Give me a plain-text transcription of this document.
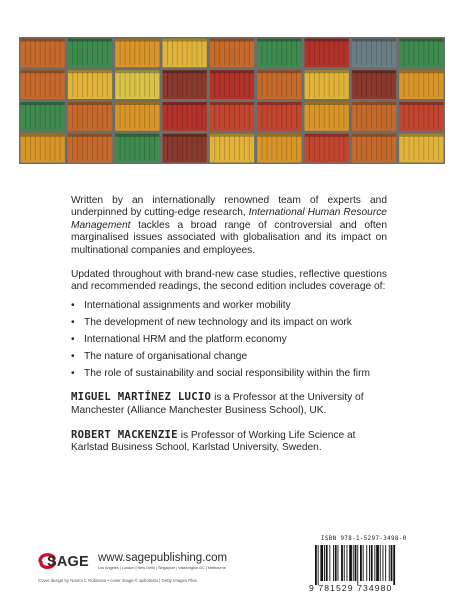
Written by an internationally renowned team of experts and underpinned by cutting-edge research, International Human Resource Management tackles a broad range of controversial and often marginalised issues associated with globalisation and its impact on multinational companies and employees.

Updated throughout with brand-new case studies, reflective questions and recommended readings, the second edition includes coverage of:

• International assignments and worker mobility
• The development of new technology and its impact on work
• International HRM and the platform economy
• The nature of organisational change
• The role of sustainability and social responsibility within the firm

MIGUEL MARTÍNEZ LUCIO is a Professor at the University of Manchester (Alliance Manchester Business School), UK.

ROBERT MACKENZIE is Professor of Working Life Science at Karlstad Business School, Karlstad University, Sweden.

SAGE www.sagepublishing.com
Los Angeles | London | New Delhi | Singapore | Washington DC | Melbourne
Cover design by Naomi C Robinson • cover image © aphotostu | Getty Images Plus
ISBN 978-1-5297-3498-0
9 781529 734980
